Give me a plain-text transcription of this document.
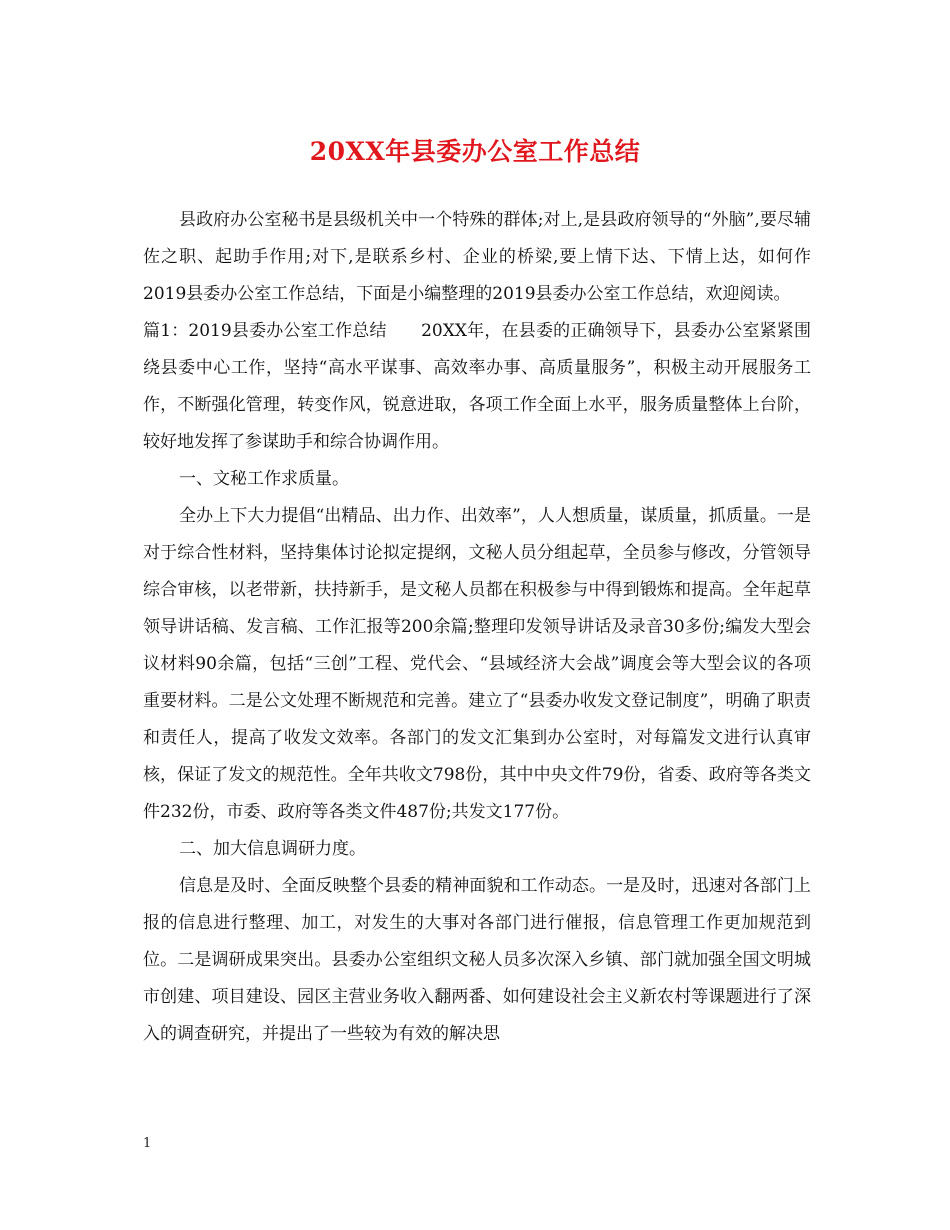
20XX年县委办公室工作总结

县政府办公室秘书是县级机关中一个特殊的群体;对上,是县政府领导的“外脑”,要尽辅佐之职、起助手作用;对下,是联系乡村、企业的桥梁,要上情下达、下情上达，如何作2019县委办公室工作总结，下面是小编整理的2019县委办公室工作总结，欢迎阅读。

篇1：2019县委办公室工作总结　　20XX年，在县委的正确领导下，县委办公室紧紧围绕县委中心工作，坚持“高水平谋事、高效率办事、高质量服务”，积极主动开展服务工作，不断强化管理，转变作风，锐意进取，各项工作全面上水平，服务质量整体上台阶，较好地发挥了参谋助手和综合协调作用。

一、文秘工作求质量。

全办上下大力提倡“出精品、出力作、出效率”，人人想质量，谋质量，抓质量。一是对于综合性材料，坚持集体讨论拟定提纲，文秘人员分组起草，全员参与修改，分管领导综合审核，以老带新，扶持新手，是文秘人员都在积极参与中得到锻炼和提高。全年起草领导讲话稿、发言稿、工作汇报等200余篇;整理印发领导讲话及录音30多份;编发大型会议材料90余篇，包括“三创”工程、党代会、“县域经济大会战”调度会等大型会议的各项重要材料。二是公文处理不断规范和完善。建立了“县委办收发文登记制度”，明确了职责和责任人，提高了收发文效率。各部门的发文汇集到办公室时，对每篇发文进行认真审核，保证了发文的规范性。全年共收文798份，其中中央文件79份，省委、政府等各类文件232份，市委、政府等各类文件487份;共发文177份。

二、加大信息调研力度。

信息是及时、全面反映整个县委的精神面貌和工作动态。一是及时，迅速对各部门上报的信息进行整理、加工，对发生的大事对各部门进行催报，信息管理工作更加规范到位。二是调研成果突出。县委办公室组织文秘人员多次深入乡镇、部门就加强全国文明城市创建、项目建设、园区主营业务收入翻两番、如何建设社会主义新农村等课题进行了深入的调查研究，并提出了一些较为有效的解决思

1
